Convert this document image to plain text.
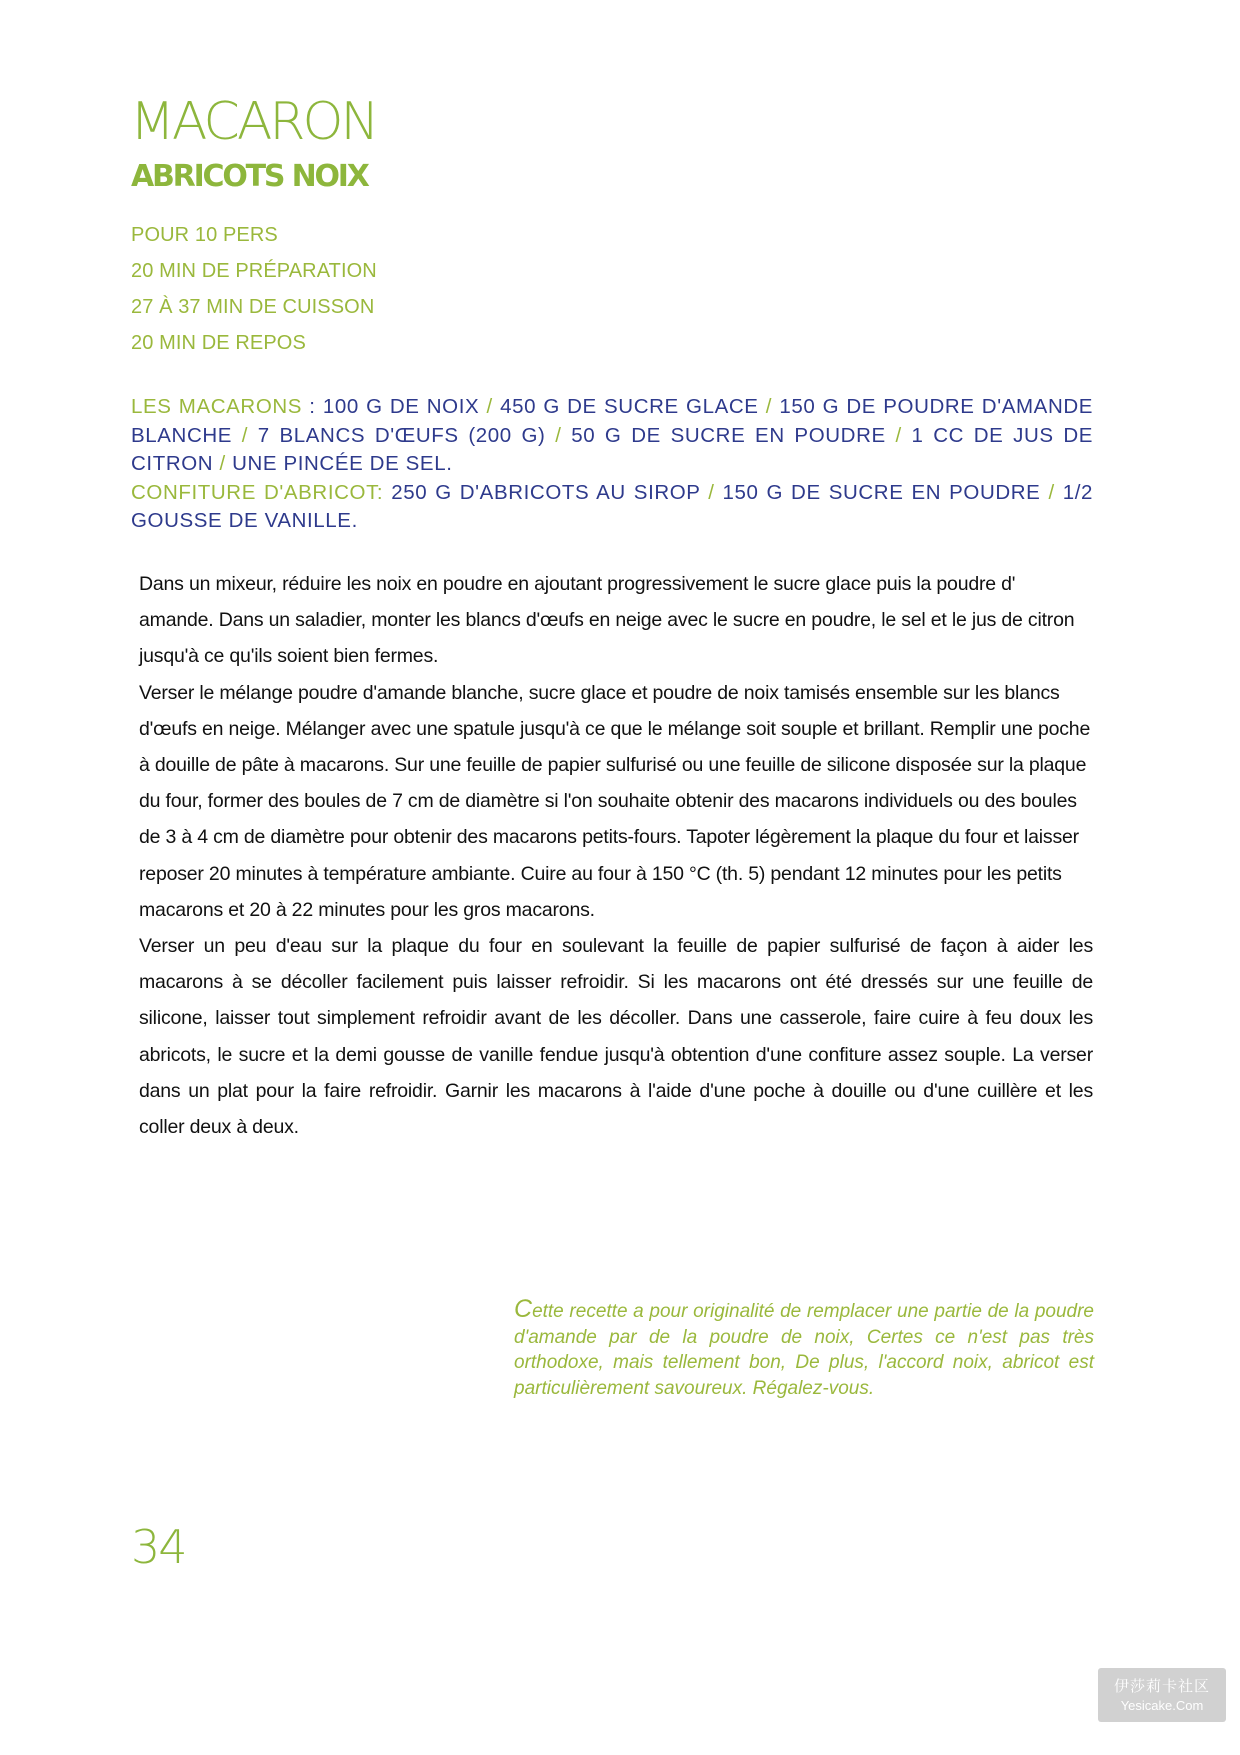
MACARON
ABRICOTS NOIX
POUR 10 PERS
20 MIN DE PRÉPARATION
27 À 37 MIN DE CUISSON
20 MIN DE REPOS

LES MACARONS : 100 G DE NOIX / 450 G DE SUCRE GLACE / 150 G DE POUDRE D'AMANDE BLANCHE / 7 BLANCS D'ŒUFS (200 G) / 50 G DE SUCRE EN POUDRE / 1 CC DE JUS DE CITRON / UNE PINCÉE DE SEL.

CONFITURE D'ABRICOT: 250 G D'ABRICOTS AU SIROP / 150 G DE SUCRE EN POUDRE / 1/2 GOUSSE DE VANILLE.

Dans un mixeur, réduire les noix en poudre en ajoutant progressivement le sucre glace puis la poudre d' amande. Dans un saladier, monter les blancs d'œufs en neige avec le sucre en poudre, le sel et le jus de citron jusqu'à ce qu'ils soient bien fermes.

Verser le mélange poudre d'amande blanche, sucre glace et poudre de noix tamisés ensemble sur les blancs d'œufs en neige. Mélanger avec une spatule jusqu'à ce que le mélange soit souple et brillant. Remplir une poche à douille de pâte à macarons. Sur une feuille de papier sulfurisé ou une feuille de silicone disposée sur la plaque du four, former des boules de 7 cm de diamètre si l'on souhaite obtenir des macarons individuels ou des boules de 3 à 4 cm de diamètre pour obtenir des macarons petits-fours. Tapoter légèrement la plaque du four et laisser reposer 20 minutes à température ambiante. Cuire au four à 150 °C (th. 5) pendant 12 minutes pour les petits macarons et 20 à 22 minutes pour les gros macarons.

Verser un peu d'eau sur la plaque du four en soulevant la feuille de papier sulfurisé de façon à aider les macarons à se décoller facilement puis laisser refroidir. Si les macarons ont été dressés sur une feuille de silicone, laisser tout simplement refroidir avant de les décoller. Dans une casserole, faire cuire à feu doux les abricots, le sucre et la demi gousse de vanille fendue jusqu'à obtention d'une confiture assez souple. La verser dans un plat pour la faire refroidir. Garnir les macarons à l'aide d'une poche à douille ou d'une cuillère et les coller deux à deux.

Cette recette a pour originalité de remplacer une partie de la poudre d'amande par de la poudre de noix, Certes ce n'est pas très orthodoxe, mais tellement bon, De plus, l'accord noix, abricot est particulièrement savoureux. Régalez-vous.
34
伊莎莉卡社区
Yesicake.Com
